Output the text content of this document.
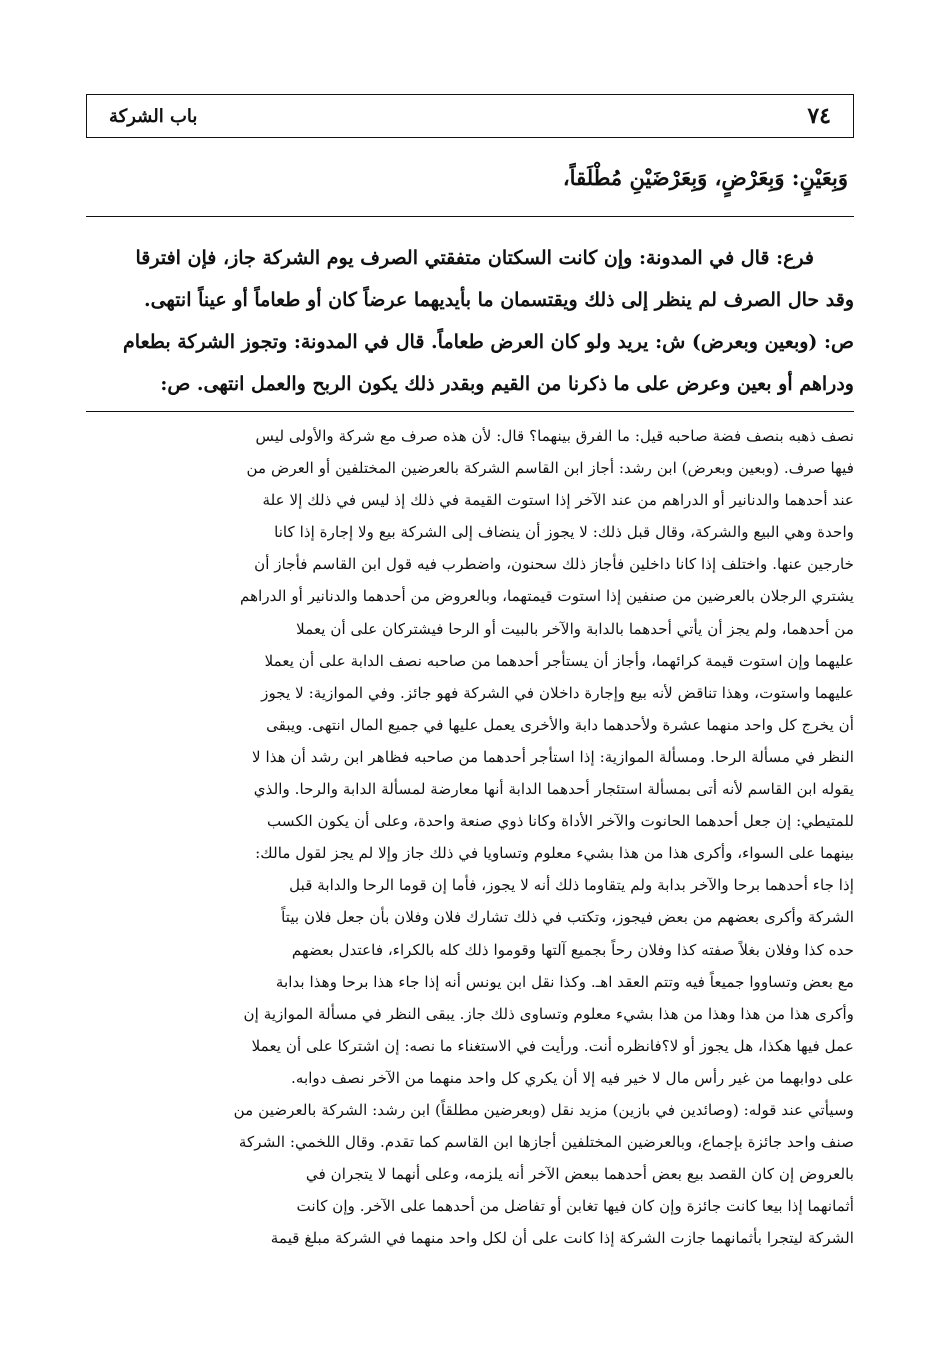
٧٤
باب الشركة
وَبِعَيْنٍ: وَبِعَرْضٍ، وَبِعَرْضَيْنِ مُطْلَقاً،
فرع: قال في المدونة: وإن كانت السكتان متفقتي الصرف يوم الشركة جاز، فإن افترقا
وقد حال الصرف لم ينظر إلى ذلك ويقتسمان ما بأيديهما عرضاً كان أو طعاماً أو عيناً انتهى.
ص: (وبعين وبعرض) ش: يريد ولو كان العرض طعاماً. قال في المدونة: وتجوز الشركة بطعام
ودراهم أو بعين وعرض على ما ذكرنا من القيم وبقدر ذلك يكون الربح والعمل انتهى. ص:
نصف ذهبه بنصف فضة صاحبه قيل: ما الفرق بينهما؟ قال: لأن هذه صرف مع شركة والأولى ليس
فيها صرف. (وبعين وبعرض) ابن رشد: أجاز ابن القاسم الشركة بالعرضين المختلفين أو العرض من
عند أحدهما والدنانير أو الدراهم من عند الآخر إذا استوت القيمة في ذلك إذ ليس في ذلك إلا علة
واحدة وهي البيع والشركة، وقال قبل ذلك: لا يجوز أن ينضاف إلى الشركة بيع ولا إجارة إذا كانا
خارجين عنها. واختلف إذا كانا داخلين فأجاز ذلك سحنون، واضطرب فيه قول ابن القاسم فأجاز أن
يشتري الرجلان بالعرضين من صنفين إذا استوت قيمتهما، وبالعروض من أحدهما والدنانير أو الدراهم
من أحدهما، ولم يجز أن يأتي أحدهما بالدابة والآخر بالبيت أو الرحا فيشتركان على أن يعملا
عليهما وإن استوت قيمة كرائهما، وأجاز أن يستأجر أحدهما من صاحبه نصف الدابة على أن يعملا
عليهما واستوت، وهذا تناقض لأنه بيع وإجارة داخلان في الشركة فهو جائز. وفي الموازية: لا يجوز
أن يخرج كل واحد منهما عشرة ولأحدهما دابة والأخرى يعمل عليها في جميع المال انتهى. ويبقى
النظر في مسألة الرحا. ومسألة الموازية: إذا استأجر أحدهما من صاحبه فظاهر ابن رشد أن هذا لا
يقوله ابن القاسم لأنه أتى بمسألة استئجار أحدهما الدابة أنها معارضة لمسألة الدابة والرحا. والذي
للمتيطي: إن جعل أحدهما الحانوت والآخر الأداة وكانا ذوي صنعة واحدة، وعلى أن يكون الكسب
بينهما على السواء، وأكرى هذا من هذا بشيء معلوم وتساويا في ذلك جاز وإلا لم يجز لقول مالك:
إذا جاء أحدهما برحا والآخر بدابة ولم يتقاوما ذلك أنه لا يجوز، فأما إن قوما الرحا والدابة قبل
الشركة وأكرى بعضهم من بعض فيجوز، وتكتب في ذلك تشارك فلان وفلان بأن جعل فلان بيتاً
حده كذا وفلان بغلاً صفته كذا وفلان رحاً بجميع آلتها وقوموا ذلك كله بالكراء، فاعتدل بعضهم
مع بعض وتساووا جميعاً فيه وتتم العقد اهـ. وكذا نقل ابن يونس أنه إذا جاء هذا برحا وهذا بدابة
وأكرى هذا من هذا وهذا من هذا بشيء معلوم وتساوى ذلك جاز. يبقى النظر في مسألة الموازية إن
عمل فيها هكذا، هل يجوز أو لا؟فانظره أنت. ورأيت في الاستغناء ما نصه: إن اشتركا على أن يعملا
على دوابهما من غير رأس مال لا خير فيه إلا أن يكري كل واحد منهما من الآخر نصف دوابه.
وسيأتي عند قوله: (وصائدين في بازين) مزيد نقل (وبعرضين مطلقاً) ابن رشد: الشركة بالعرضين من
صنف واحد جائزة بإجماع، وبالعرضين المختلفين أجازها ابن القاسم كما تقدم. وقال اللخمي: الشركة
بالعروض إن كان القصد بيع بعض أحدهما ببعض الآخر أنه يلزمه، وعلى أنهما لا يتجران في
أثمانهما إذا بيعا كانت جائزة وإن كان فيها تغابن أو تفاضل من أحدهما على الآخر. وإن كانت
الشركة ليتجرا بأثمانهما جازت الشركة إذا كانت على أن لكل واحد منهما في الشركة مبلغ قيمة
